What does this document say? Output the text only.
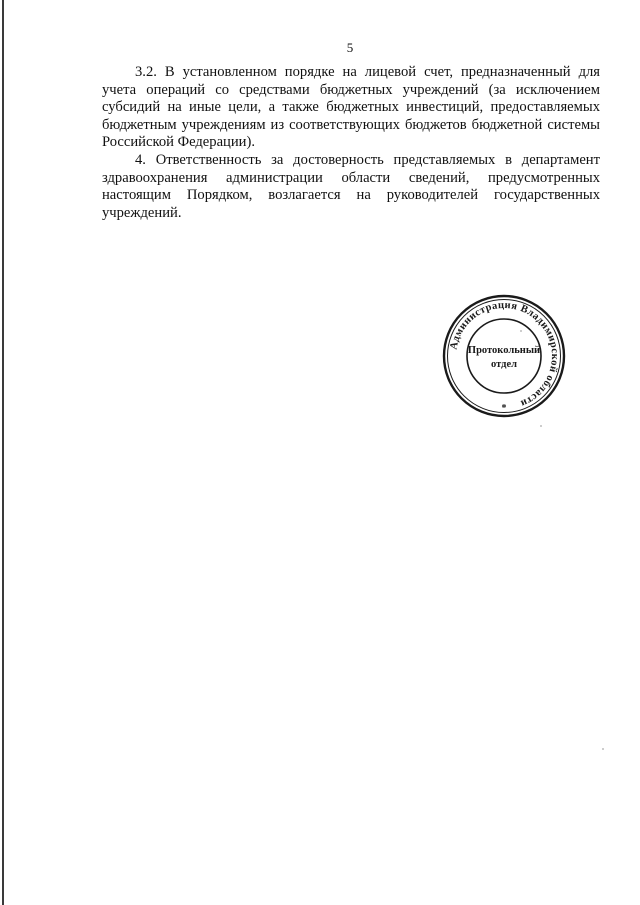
5

3.2. В установленном порядке на лицевой счет, предназначенный для учета операций со средствами бюджетных учреждений (за исключением субсидий на иные цели, а также бюджетных инвестиций, предоставляемых бюджетным учреждениям из соответствующих бюджетов бюджетной системы Российской Федерации).

4. Ответственность за достоверность представляемых в департамент здравоохранения администрации области сведений, предусмотренных настоящим Порядком, возлагается на руководителей государственных учреждений.

Администрация Владимирской области
Протокольный
отдел
*
